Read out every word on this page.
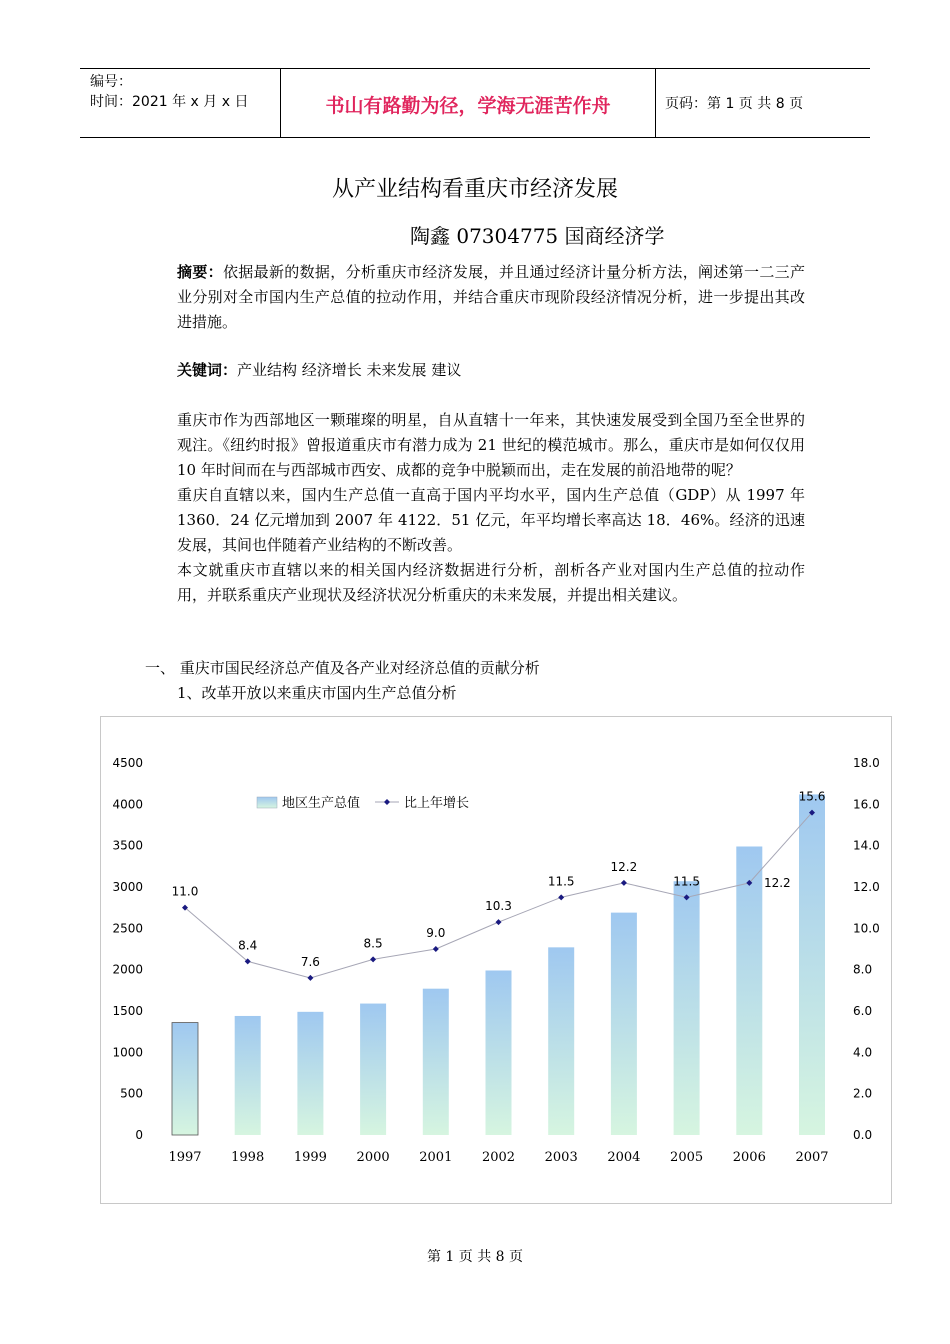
编号：
时间：2021 年 x 月 x 日	书山有路勤为径，学海无涯苦作舟	页码：第 1 页 共 8 页
从产业结构看重庆市经济发展
陶鑫 07304775 国商经济学
摘要：依据最新的数据，分析重庆市经济发展，并且通过经济计量分析方法，阐述第一二三产业分别对全市国内生产总值的拉动作用，并结合重庆市现阶段经济情况分析，进一步提出其改进措施。
关键词：产业结构 经济增长 未来发展 建议
重庆市作为西部地区一颗璀璨的明星，自从直辖十一年来，其快速发展受到全国乃至全世界的观注。《纽约时报》曾报道重庆市有潜力成为 21 世纪的模范城市。那么，重庆市是如何仅仅用 10 年时间而在与西部城市西安、成都的竞争中脱颖而出，走在发展的前沿地带的呢？
重庆自直辖以来，国内生产总值一直高于国内平均水平，国内生产总值（GDP）从 1997 年 1360．24 亿元增加到 2007 年 4122．51 亿元，年平均增长率高达 18．46%。经济的迅速发展，其间也伴随着产业结构的不断改善。
本文就重庆市直辖以来的相关国内经济数据进行分析，剖析各产业对国内生产总值的拉动作用，并联系重庆产业现状及经济状况分析重庆的未来发展，并提出相关建议。
一、 重庆市国民经济总产值及各产业对经济总值的贡献分析
1、改革开放以来重庆市国内生产总值分析
0
500
1000
1500
2000
2500
3000
3500
4000
4500
0.0
2.0
4.0
6.0
8.0
10.0
12.0
14.0
16.0
18.0
11.0
8.4
7.6
8.5
9.0
10.3
11.5
12.2
11.5	12.2
15.6
1997 1998 1999 2000 2001 2002 2003 2004 2005 2006 2007
地区生产总值	比上年增长
第 1 页 共 8 页
